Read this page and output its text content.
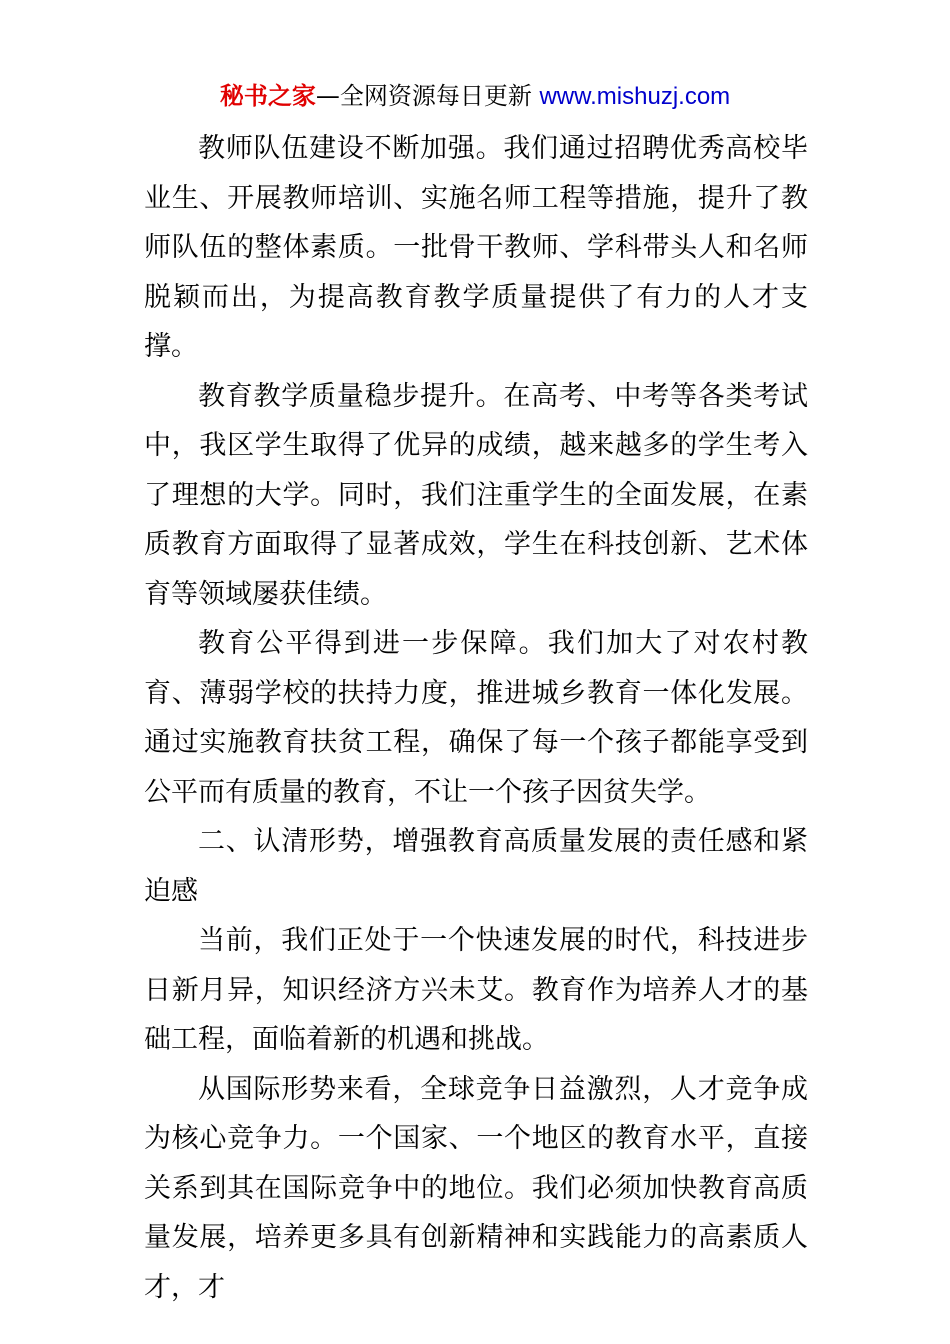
秘书之家—全网资源每日更新 www.mishuzj.com

教师队伍建设不断加强。我们通过招聘优秀高校毕业生、开展教师培训、实施名师工程等措施，提升了教师队伍的整体素质。一批骨干教师、学科带头人和名师脱颖而出，为提高教育教学质量提供了有力的人才支撑。

教育教学质量稳步提升。在高考、中考等各类考试中，我区学生取得了优异的成绩，越来越多的学生考入了理想的大学。同时，我们注重学生的全面发展，在素质教育方面取得了显著成效，学生在科技创新、艺术体育等领域屡获佳绩。

教育公平得到进一步保障。我们加大了对农村教育、薄弱学校的扶持力度，推进城乡教育一体化发展。通过实施教育扶贫工程，确保了每一个孩子都能享受到公平而有质量的教育，不让一个孩子因贫失学。

二、认清形势，增强教育高质量发展的责任感和紧迫感

当前，我们正处于一个快速发展的时代，科技进步日新月异，知识经济方兴未艾。教育作为培养人才的基础工程，面临着新的机遇和挑战。

从国际形势来看，全球竞争日益激烈，人才竞争成为核心竞争力。一个国家、一个地区的教育水平，直接关系到其在国际竞争中的地位。我们必须加快教育高质量发展，培养更多具有创新精神和实践能力的高素质人才，才
